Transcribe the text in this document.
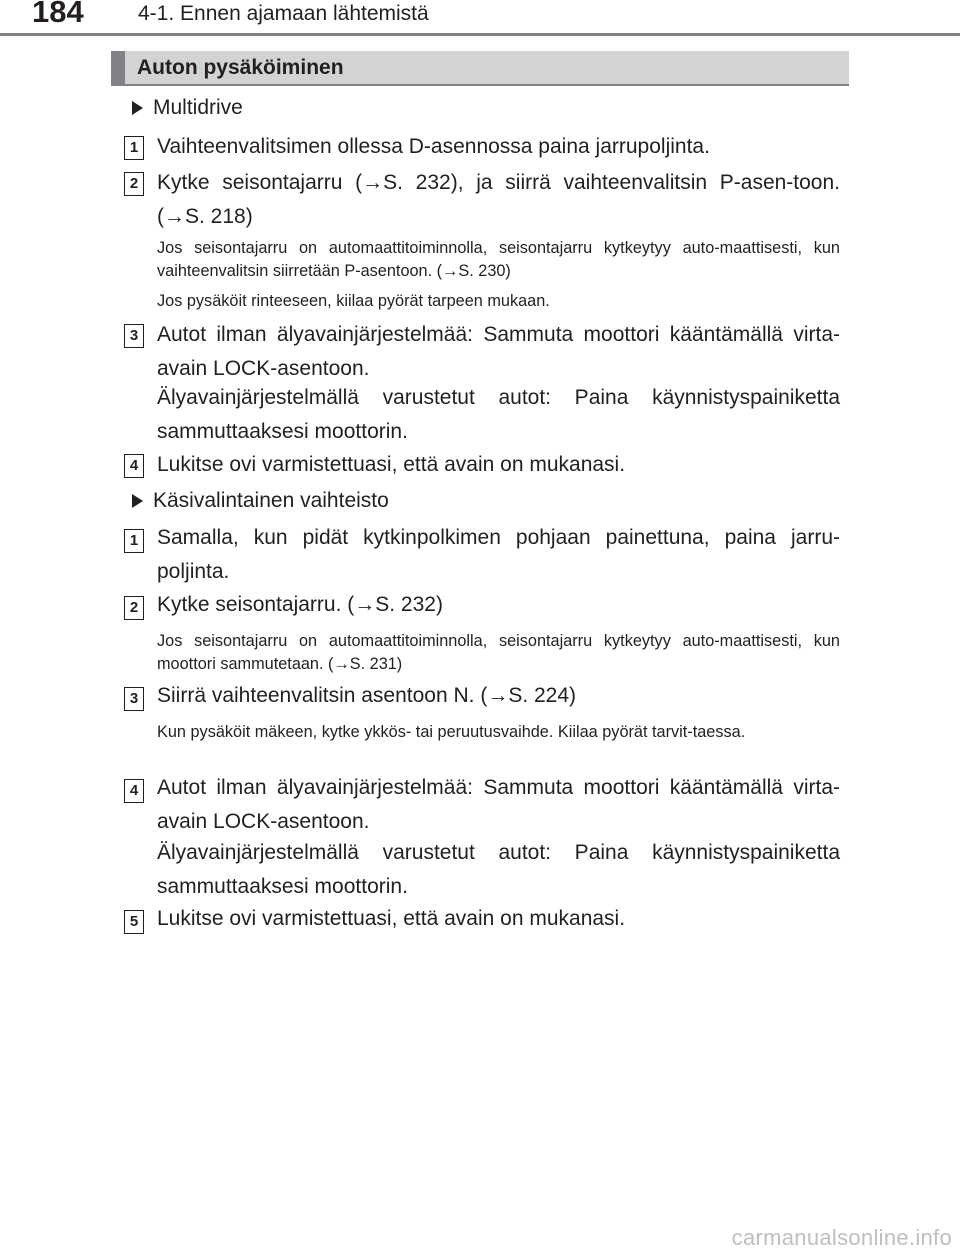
184	4-1. Ennen ajamaan lähtemistä
Auton pysäköiminen
Multidrive
1 Vaihteenvalitsimen ollessa D-asennossa paina jarrupoljinta.
2 Kytke seisontajarru (→S. 232), ja siirrä vaihteenvalitsin P-asen-toon. (→S. 218)
Jos seisontajarru on automaattitoiminnolla, seisontajarru kytkeytyy auto-maattisesti, kun vaihteenvalitsin siirretään P-asentoon. (→S. 230)
Jos pysäköit rinteeseen, kiilaa pyörät tarpeen mukaan.
3 Autot ilman älyavainjärjestelmää: Sammuta moottori kääntämällä virta-avain LOCK-asentoon.
Älyavainjärjestelmällä varustetut autot: Paina käynnistyspainiketta sammuttaaksesi moottorin.
4 Lukitse ovi varmistettuasi, että avain on mukanasi.
Käsivalintainen vaihteisto
1 Samalla, kun pidät kytkinpolkimen pohjaan painettuna, paina jarru-poljinta.
2 Kytke seisontajarru. (→S. 232)
Jos seisontajarru on automaattitoiminnolla, seisontajarru kytkeytyy auto-maattisesti, kun moottori sammutetaan. (→S. 231)
3 Siirrä vaihteenvalitsin asentoon N. (→S. 224)
Kun pysäköit mäkeen, kytke ykkös- tai peruutusvaihde. Kiilaa pyörät tarvit-taessa.
4 Autot ilman älyavainjärjestelmää: Sammuta moottori kääntämällä virta-avain LOCK-asentoon.
Älyavainjärjestelmällä varustetut autot: Paina käynnistyspainiketta sammuttaaksesi moottorin.
5 Lukitse ovi varmistettuasi, että avain on mukanasi.
carmanualsonline.info
